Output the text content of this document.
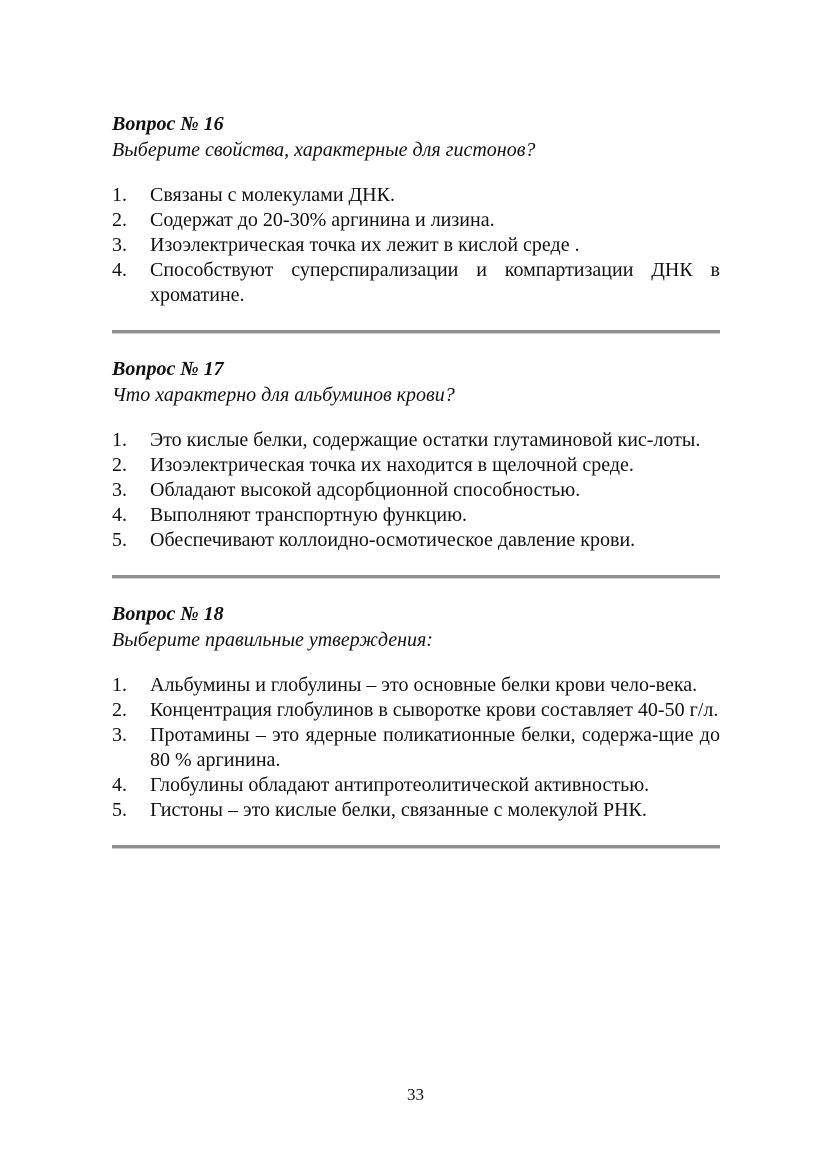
Вопрос № 16

Выберите свойства, характерные для гистонов?

1. Связаны с молекулами ДНК.
2. Содержат до 20-30% аргинина и лизина.
3. Изоэлектрическая точка их лежит в кислой среде .
4. Способствуют суперспирализации и компартизации ДНК в хроматине.

Вопрос № 17

Что характерно для альбуминов крови?

1. Это кислые белки, содержащие остатки глутаминовой кис-лоты.
2. Изоэлектрическая точка их находится в щелочной среде.
3. Обладают высокой адсорбционной способностью.
4. Выполняют транспортную функцию.
5. Обеспечивают коллоидно-осмотическое давление крови.

Вопрос № 18

Выберите правильные утверждения:

1. Альбумины и глобулины – это основные белки крови чело-века.
2. Концентрация глобулинов в сыворотке крови составляет 40-50 г/л.
3. Протамины – это ядерные поликатионные белки, содержа-щие до 80 % аргинина.
4. Глобулины обладают антипротеолитической активностью.
5. Гистоны – это кислые белки, связанные с молекулой РНК.
33
